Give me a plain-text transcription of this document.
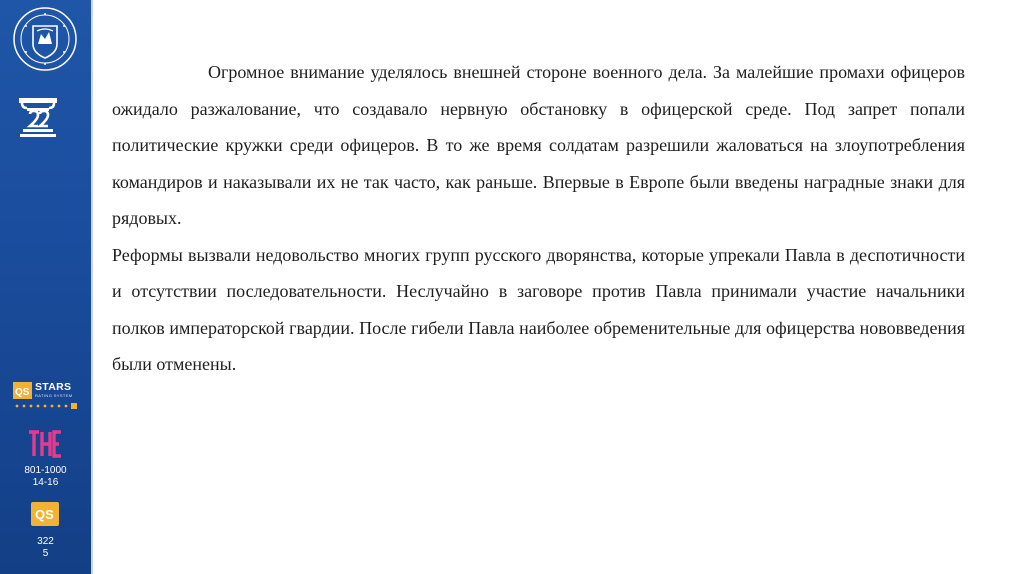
QS STARS
RATING SYSTEM
801-1000
14-16
QS
322
5

Огромное внимание уделялось внешней стороне военного дела. За малейшие промахи офицеров ожидало разжалование, что создавало нервную обстановку в офицерской среде. Под запрет попали политические кружки среди офицеров. В то же время солдатам разрешили жаловаться на злоупотребления командиров и наказывали их не так часто, как раньше. Впервые в Европе были введены наградные знаки для рядовых.

Реформы вызвали недовольство многих групп русского дворянства, которые упрекали Павла в деспотичности и отсутствии последовательности. Неслучайно в заговоре против Павла принимали участие начальники полков императорской гвардии. После гибели Павла наиболее обременительные для офицерства нововведения были отменены.
